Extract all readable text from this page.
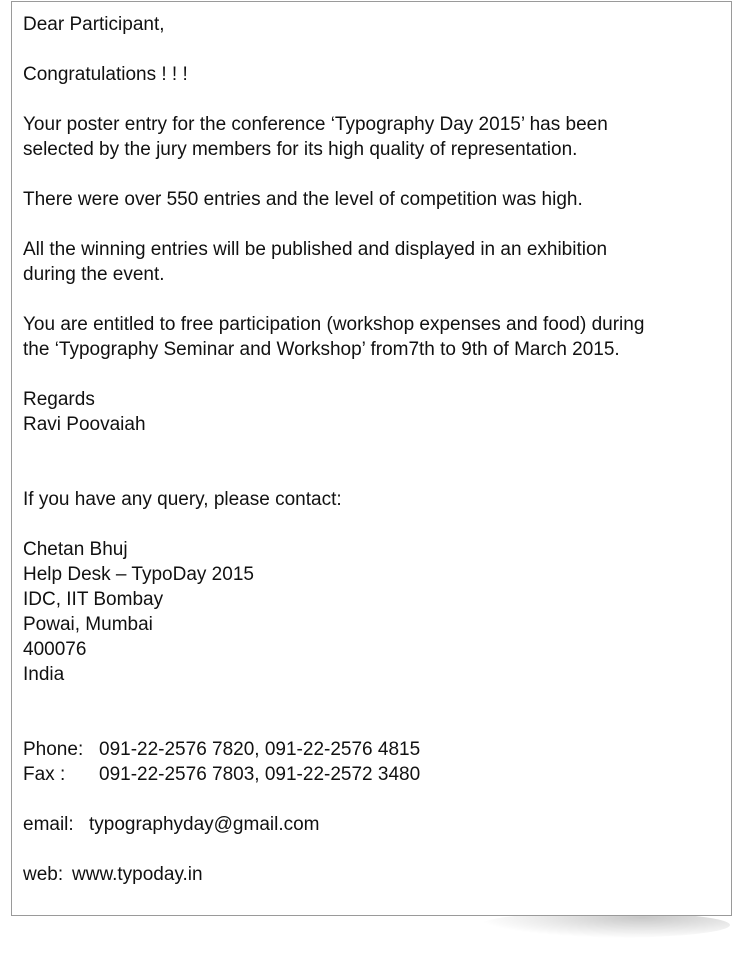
Dear Participant,

Congratulations ! ! !

Your poster entry for the conference ‘Typography Day 2015’ has been
selected by the jury members for its high quality of representation.

There were over 550 entries and the level of competition was high.

All the winning entries will be published and displayed in an exhibition
during the event.

You are entitled to free participation (workshop expenses and food) during
the ‘Typography Seminar and Workshop’ from7th to 9th of March 2015.

Regards
Ravi Poovaiah

If you have any query, please contact:

Chetan Bhuj
Help Desk – TypoDay 2015
IDC, IIT Bombay
Powai, Mumbai
400076
India

Phone: 091-22-2576 7820, 091-22-2576 4815
Fax : 091-22-2576 7803, 091-22-2572 3480

email: typographyday@gmail.com

web: www.typoday.in
